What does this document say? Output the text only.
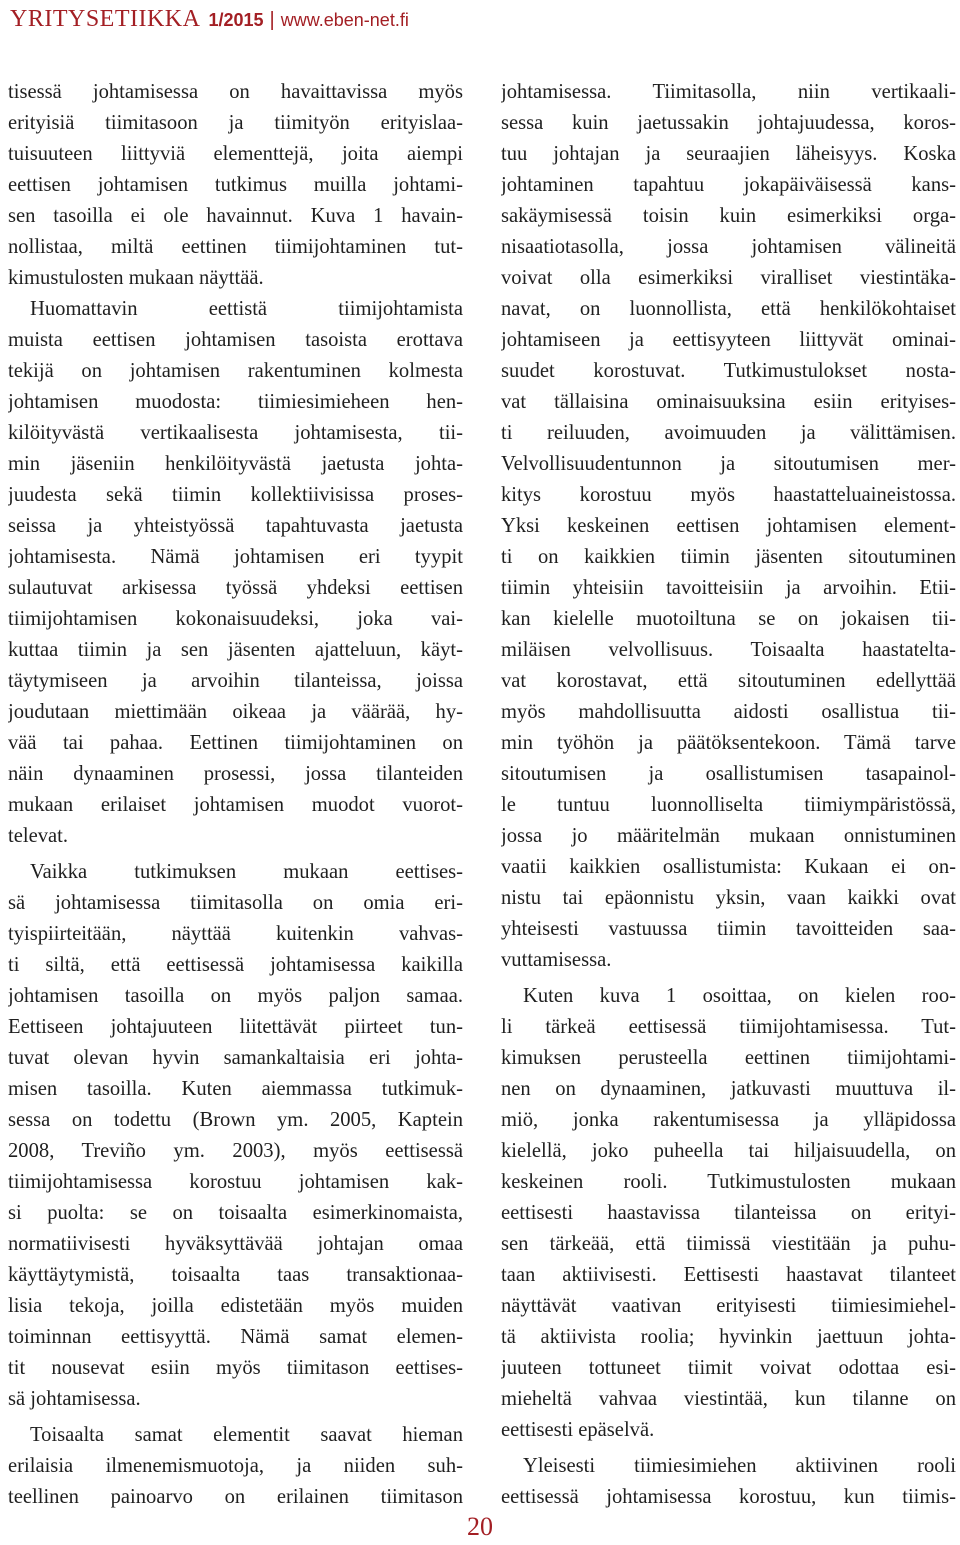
YRITYSETIIKKA 1/2015 | www.eben-net.fi
tisessä johtamisessa on havaittavissa myös
erityisiä tiimitasoon ja tiimityön erityislaa-
tuisuuteen liittyviä elementtejä, joita aiempi
eettisen johtamisen tutkimus muilla johtami-
sen tasoilla ei ole havainnut. Kuva 1 havain-
nollistaa, miltä eettinen tiimijohtaminen tut-
kimustulosten mukaan näyttää.
Huomattavin eettistä tiimijohtamista
muista eettisen johtamisen tasoista erottava
tekijä on johtamisen rakentuminen kolmesta
johtamisen muodosta: tiimiesimieheen hen-
kilöityvästä vertikaalisesta johtamisesta, tii-
min jäseniin henkilöityvästä jaetusta johta-
juudesta sekä tiimin kollektiivisissa proses-
seissa ja yhteistyössä tapahtuvasta jaetusta
johtamisesta. Nämä johtamisen eri tyypit
sulautuvat arkisessa työssä yhdeksi eettisen
tiimijohtamisen kokonaisuudeksi, joka vai-
kuttaa tiimin ja sen jäsenten ajatteluun, käyt-
täytymiseen ja arvoihin tilanteissa, joissa
joudutaan miettimään oikeaa ja väärää, hy-
vää tai pahaa. Eettinen tiimijohtaminen on
näin dynaaminen prosessi, jossa tilanteiden
mukaan erilaiset johtamisen muodot vuorot-
televat.
Vaikka tutkimuksen mukaan eettises-
sä johtamisessa tiimitasolla on omia eri-
tyispiirteitään, näyttää kuitenkin vahvas-
ti siltä, että eettisessä johtamisessa kaikilla
johtamisen tasoilla on myös paljon samaa.
Eettiseen johtajuuteen liitettävät piirteet tun-
tuvat olevan hyvin samankaltaisia eri johta-
misen tasoilla. Kuten aiemmassa tutkimuk-
sessa on todettu (Brown ym. 2005, Kaptein
2008, Treviño ym. 2003), myös eettisessä
tiimijohtamisessa korostuu johtamisen kak-
si puolta: se on toisaalta esimerkinomaista,
normatiivisesti hyväksyttävää johtajan omaa
käyttäytymistä, toisaalta taas transaktionaa-
lisia tekoja, joilla edistetään myös muiden
toiminnan eettisyyttä. Nämä samat elemen-
tit nousevat esiin myös tiimitason eettises-
sä johtamisessa.
Toisaalta samat elementit saavat hieman
erilaisia ilmenemismuotoja, ja niiden suh-
teellinen painoarvo on erilainen tiimitason
johtamisessa. Tiimitasolla, niin vertikaali-
sessa kuin jaetussakin johtajuudessa, koros-
tuu johtajan ja seuraajien läheisyys. Koska
johtaminen tapahtuu jokapäiväisessä kans-
sakäymisessä toisin kuin esimerkiksi orga-
nisaatiotasolla, jossa johtamisen välineitä
voivat olla esimerkiksi viralliset viestintäka-
navat, on luonnollista, että henkilökohtaiset
johtamiseen ja eettisyyteen liittyvät ominai-
suudet korostuvat. Tutkimustulokset nosta-
vat tällaisina ominaisuuksina esiin erityises-
ti reiluuden, avoimuuden ja välittämisen.
Velvollisuudentunnon ja sitoutumisen mer-
kitys korostuu myös haastatteluaineistossa.
Yksi keskeinen eettisen johtamisen element-
ti on kaikkien tiimin jäsenten sitoutuminen
tiimin yhteisiin tavoitteisiin ja arvoihin. Etii-
kan kielelle muotoiltuna se on jokaisen tii-
miläisen velvollisuus. Toisaalta haastatelta-
vat korostavat, että sitoutuminen edellyttää
myös mahdollisuutta aidosti osallistua tii-
min työhön ja päätöksentekoon. Tämä tarve
sitoutumisen ja osallistumisen tasapainol-
le tuntuu luonnolliselta tiimiympäristössä,
jossa jo määritelmän mukaan onnistuminen
vaatii kaikkien osallistumista: Kukaan ei on-
nistu tai epäonnistu yksin, vaan kaikki ovat
yhteisesti vastuussa tiimin tavoitteiden saa-
vuttamisessa.
Kuten kuva 1 osoittaa, on kielen roo-
li tärkeä eettisessä tiimijohtamisessa. Tut-
kimuksen perusteella eettinen tiimijohtami-
nen on dynaaminen, jatkuvasti muuttuva il-
miö, jonka rakentumisessa ja ylläpidossa
kielellä, joko puheella tai hiljaisuudella, on
keskeinen rooli. Tutkimustulosten mukaan
eettisesti haastavissa tilanteissa on erityi-
sen tärkeää, että tiimissä viestitään ja puhu-
taan aktiivisesti. Eettisesti haastavat tilanteet
näyttävät vaativan erityisesti tiimiesimiehel-
tä aktiivista roolia; hyvinkin jaettuun johta-
juuteen tottuneet tiimit voivat odottaa esi-
mieheltä vahvaa viestintää, kun tilanne on
eettisesti epäselvä.
Yleisesti tiimiesimiehen aktiivinen rooli
eettisessä johtamisessa korostuu, kun tiimis-
20
